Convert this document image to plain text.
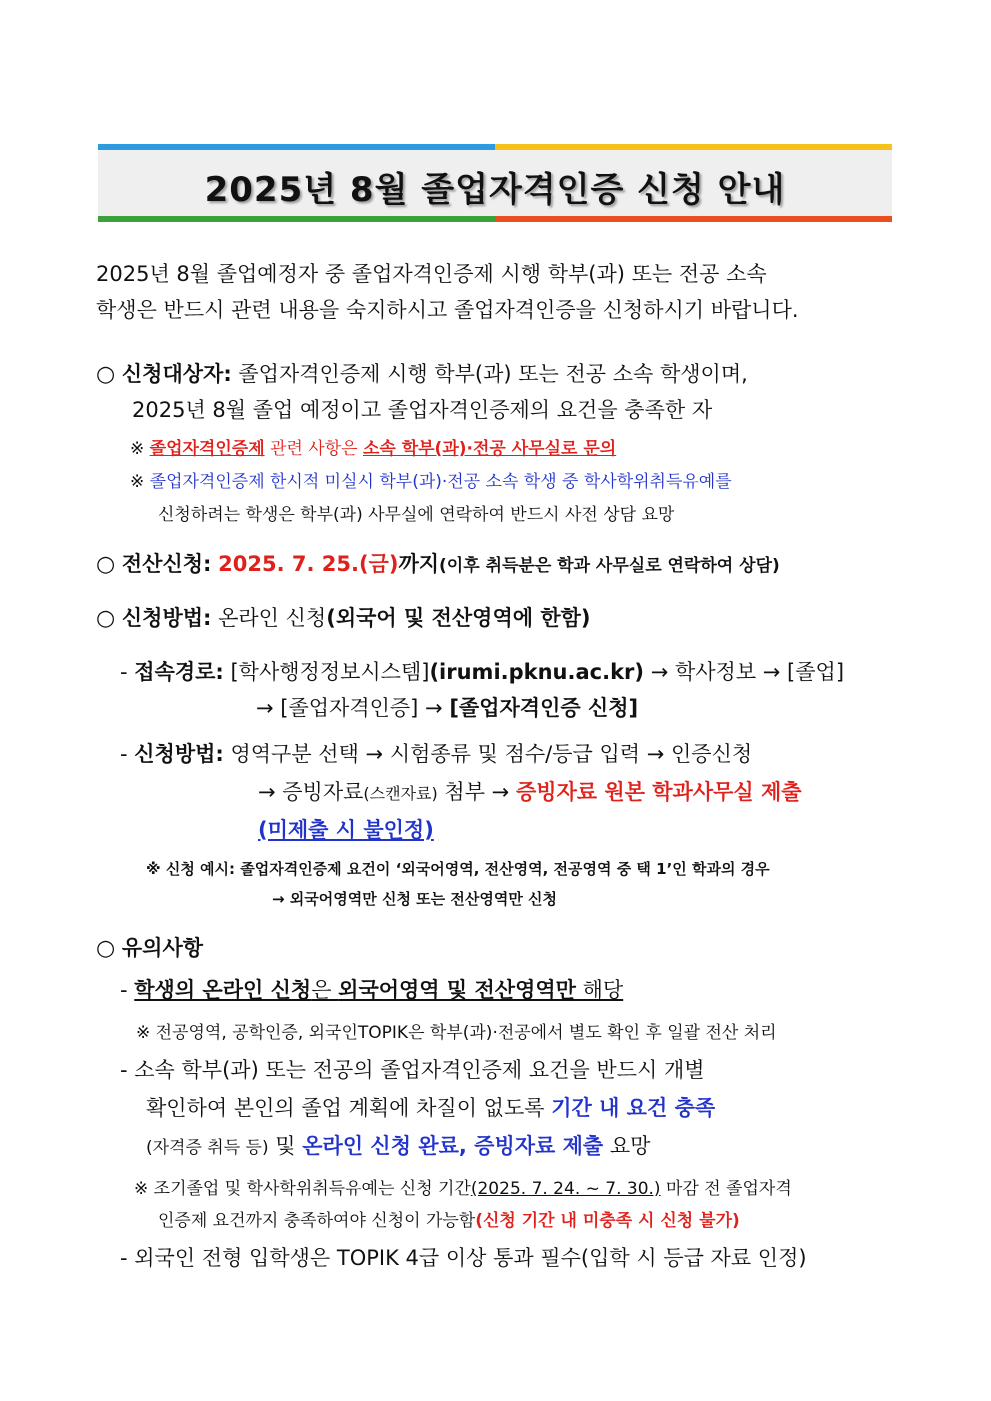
2025년 8월 졸업자격인증 신청 안내
2025년 8월 졸업예정자 중 졸업자격인증제 시행 학부(과) 또는 전공 소속
학생은 반드시 관련 내용을 숙지하시고 졸업자격인증을 신청하시기 바랍니다.
○ 신청대상자: 졸업자격인증제 시행 학부(과) 또는 전공 소속 학생이며,
2025년 8월 졸업 예정이고 졸업자격인증제의 요건을 충족한 자
※ 졸업자격인증제 관련 사항은 소속 학부(과)·전공 사무실로 문의
※ 졸업자격인증제 한시적 미실시 학부(과)·전공 소속 학생 중 학사학위취득유예를
신청하려는 학생은 학부(과) 사무실에 연락하여 반드시 사전 상담 요망
○ 전산신청: 2025. 7. 25.(금)까지(이후 취득분은 학과 사무실로 연락하여 상담)
○ 신청방법: 온라인 신청(외국어 및 전산영역에 한함)
- 접속경로: [학사행정정보시스템](irumi.pknu.ac.kr) → 학사정보 → [졸업]
→ [졸업자격인증] → [졸업자격인증 신청]
- 신청방법: 영역구분 선택 → 시험종류 및 점수/등급 입력 → 인증신청
→ 증빙자료(스캔자료) 첨부 → 증빙자료 원본 학과사무실 제출
(미제출 시 불인정)
※ 신청 예시: 졸업자격인증제 요건이 ‘외국어영역, 전산영역, 전공영역 중 택 1’인 학과의 경우
→ 외국어영역만 신청 또는 전산영역만 신청
○ 유의사항
- 학생의 온라인 신청은 외국어영역 및 전산영역만 해당
※ 전공영역, 공학인증, 외국인TOPIK은 학부(과)·전공에서 별도 확인 후 일괄 전산 처리
- 소속 학부(과) 또는 전공의 졸업자격인증제 요건을 반드시 개별
확인하여 본인의 졸업 계획에 차질이 없도록 기간 내 요건 충족
(자격증 취득 등) 및 온라인 신청 완료, 증빙자료 제출 요망
※ 조기졸업 및 학사학위취득유예는 신청 기간(2025. 7. 24. ~ 7. 30.) 마감 전 졸업자격
인증제 요건까지 충족하여야 신청이 가능함(신청 기간 내 미충족 시 신청 불가)
- 외국인 전형 입학생은 TOPIK 4급 이상 통과 필수(입학 시 등급 자료 인정)
